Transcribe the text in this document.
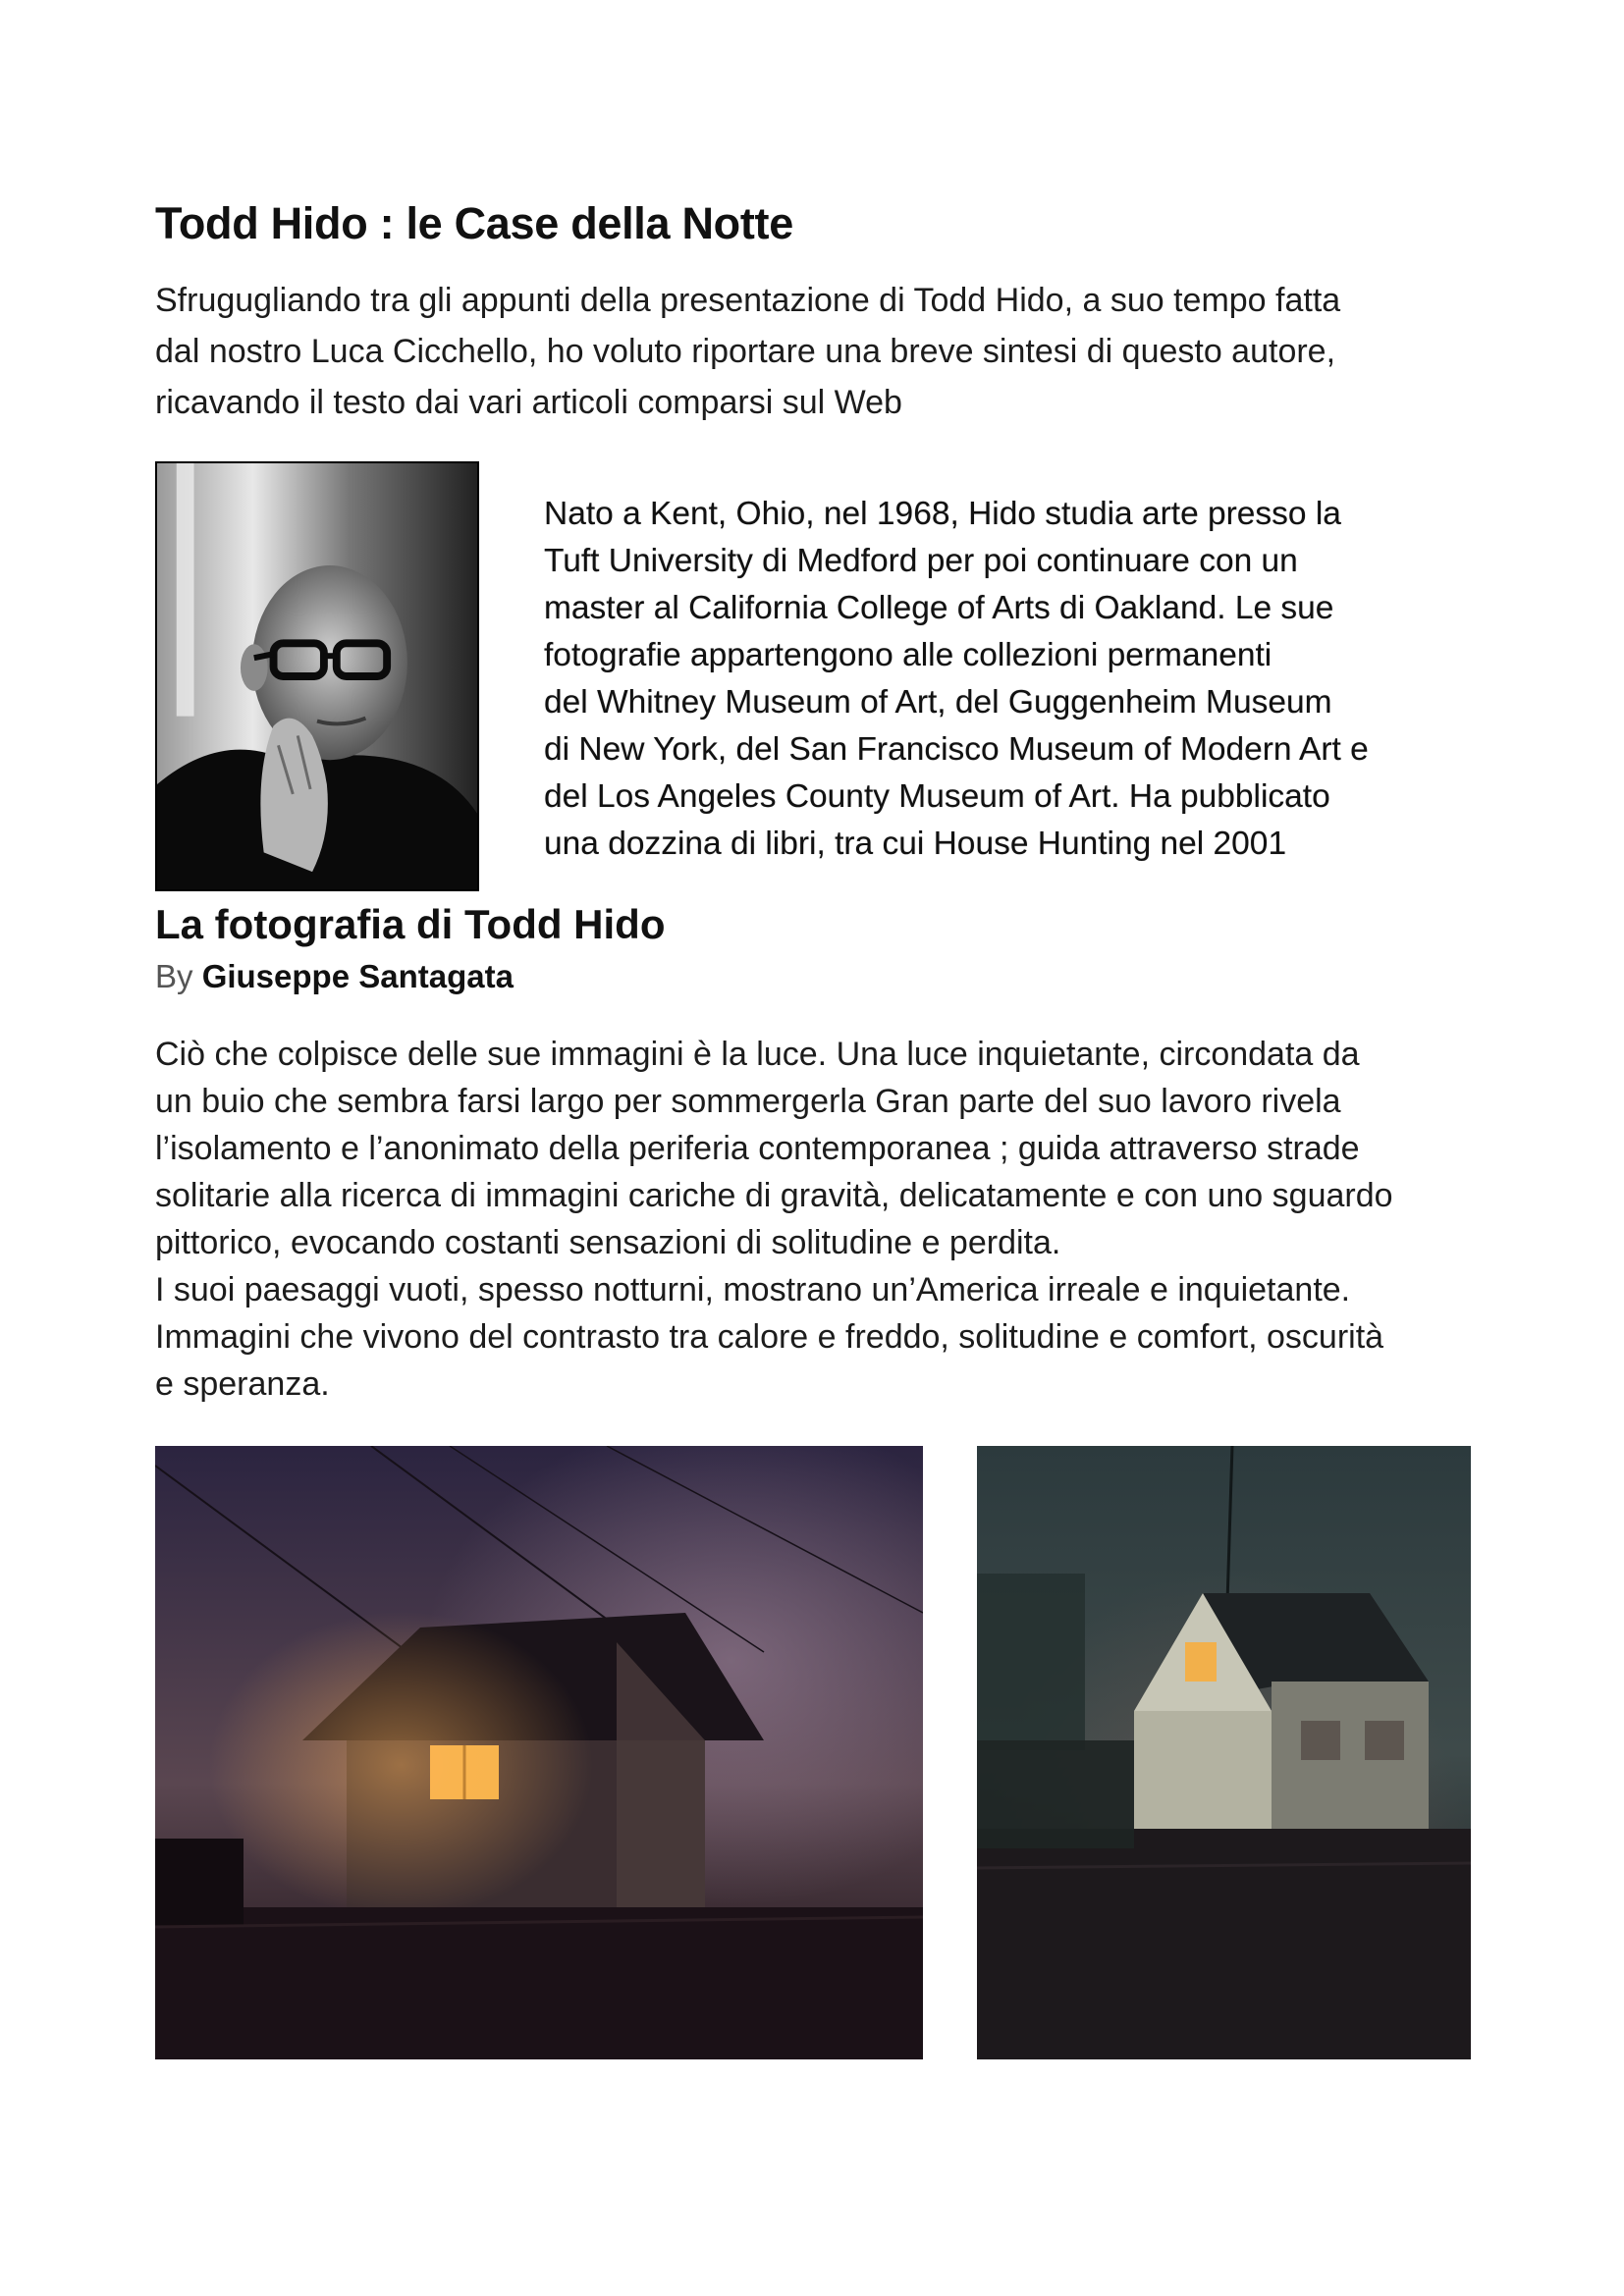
Todd Hido : le Case della Notte
Sfrugugliando tra gli appunti della presentazione di Todd Hido, a suo tempo fatta
dal nostro Luca Cicchello, ho voluto riportare una breve sintesi di questo autore,
ricavando il testo dai vari articoli comparsi sul Web
Nato a Kent, Ohio, nel 1968, Hido studia arte presso la
Tuft University di Medford per poi continuare con un
master al California College of Arts di Oakland. Le sue
fotografie appartengono alle collezioni permanenti
del Whitney Museum of Art, del Guggenheim Museum
di New York, del San Francisco Museum of Modern Art e
del Los Angeles County Museum of Art. Ha pubblicato
una dozzina di libri, tra cui House Hunting nel 2001
La fotografia di Todd Hido
By Giuseppe Santagata
Ciò che colpisce delle sue immagini è la luce. Una luce inquietante, circondata da
un buio che sembra farsi largo per sommergerla Gran parte del suo lavoro rivela
l’isolamento e l’anonimato della periferia contemporanea ; guida attraverso strade
solitarie alla ricerca di immagini cariche di gravità, delicatamente e con uno sguardo
pittorico, evocando costanti sensazioni di solitudine e perdita.
I suoi paesaggi vuoti, spesso notturni, mostrano un’America irreale e inquietante.
Immagini che vivono del contrasto tra calore e freddo, solitudine e comfort, oscurità
e speranza.
